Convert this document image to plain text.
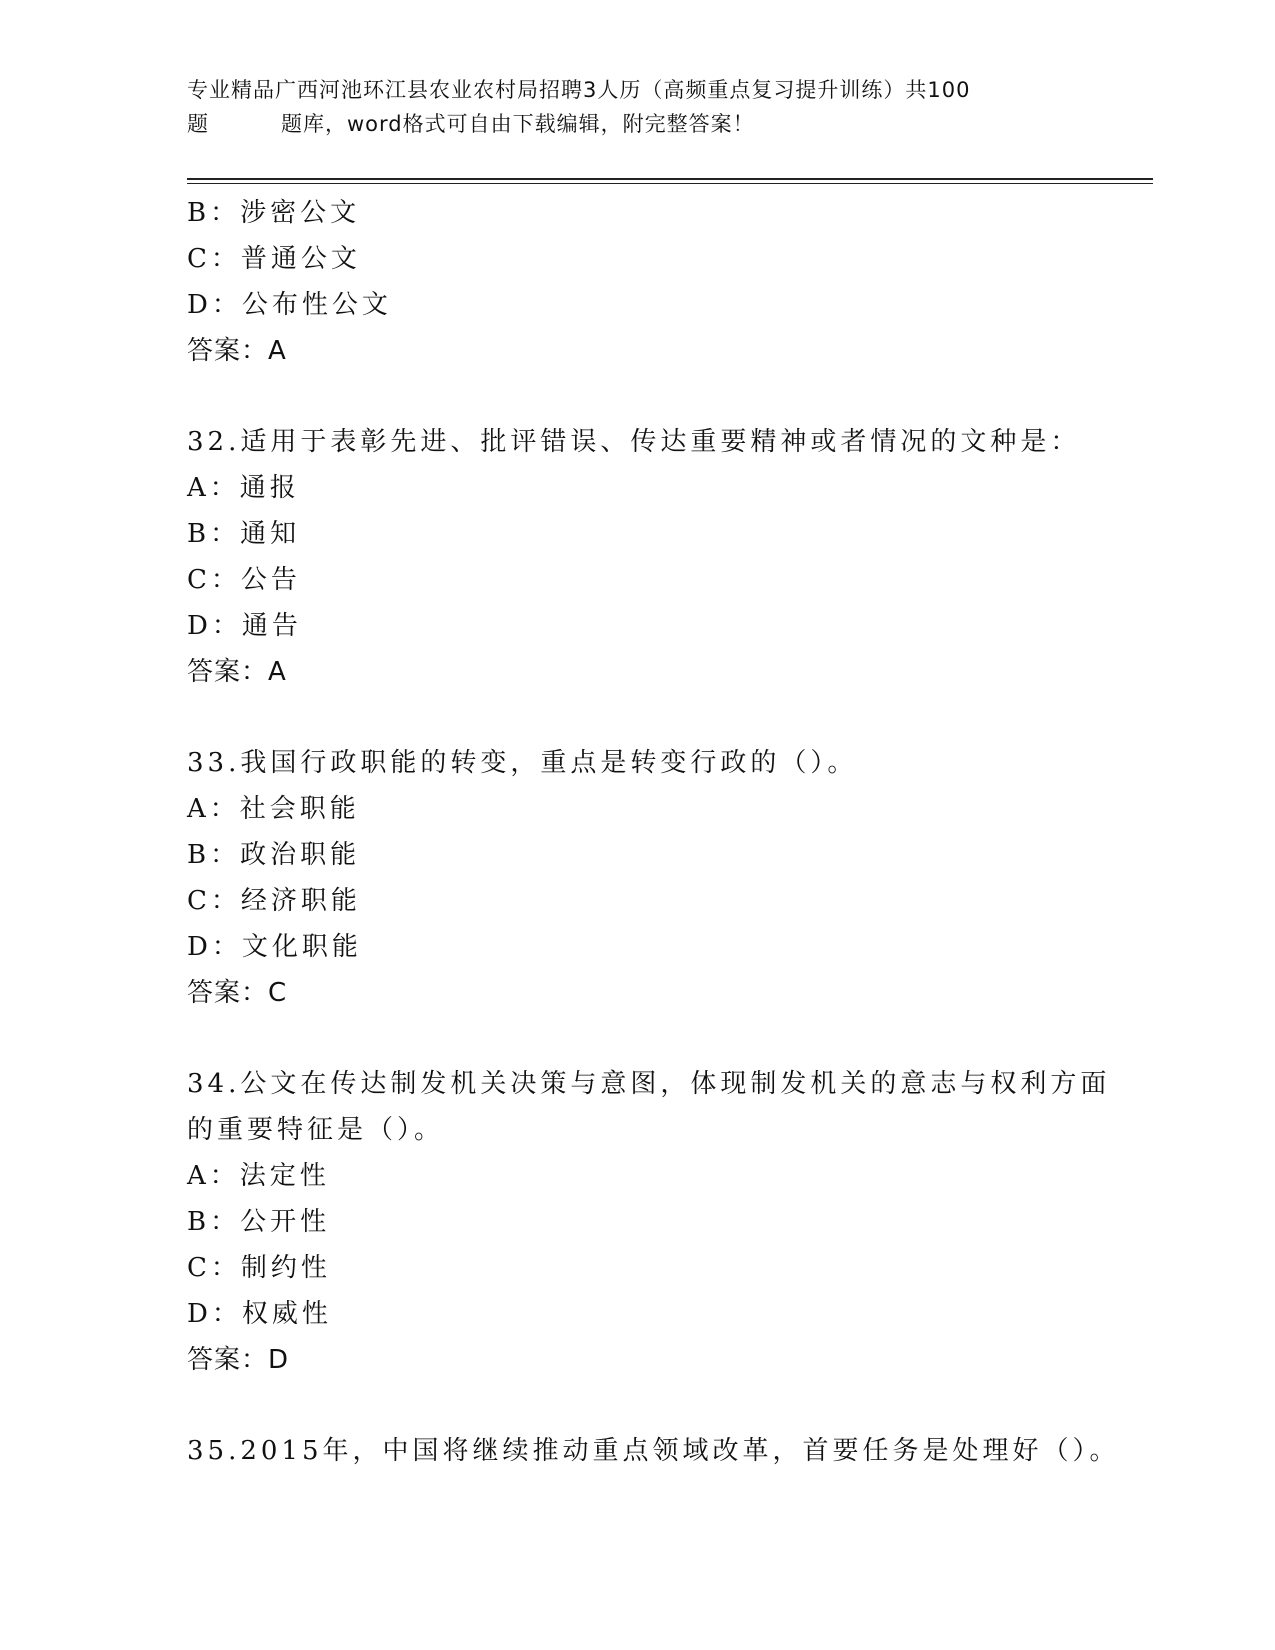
专业精品广西河池环江县农业农村局招聘3人历（高频重点复习提升训练）共100
题	题库，word格式可自由下载编辑，附完整答案！
B：涉密公文
C：普通公文
D：公布性公文
答案：A
32.适用于表彰先进、批评错误、传达重要精神或者情况的文种是：
A：通报
B：通知
C：公告
D：通告
答案：A
33.我国行政职能的转变，重点是转变行政的（）。
A：社会职能
B：政治职能
C：经济职能
D：文化职能
答案：C
34.公文在传达制发机关决策与意图，体现制发机关的意志与权利方面
的重要特征是（）。
A：法定性
B：公开性
C：制约性
D：权威性
答案：D
35.2015年，中国将继续推动重点领域改革，首要任务是处理好（）。
